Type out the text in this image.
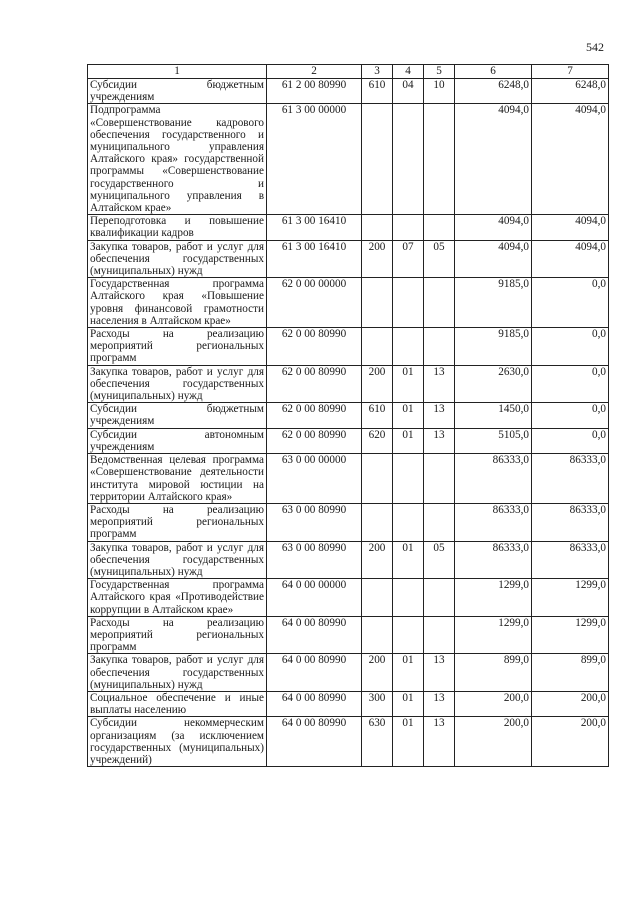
542
1	2	3	4	5	6	7
Субсидии бюджетным учреждениям	61 2 00 80990	610	04	10	6248,0	6248,0
Подпрограмма «Совершенствование кадрового обеспечения государственного и муниципального управления Алтайского края» государственной программы «Совершенствование государственного и муниципального управления в Алтайском крае»	61 3 00 00000				4094,0	4094,0
Переподготовка и повышение квалификации кадров	61 3 00 16410				4094,0	4094,0
Закупка товаров, работ и услуг для обеспечения государственных (муниципальных) нужд	61 3 00 16410	200	07	05	4094,0	4094,0
Государственная программа Алтайского края «Повышение уровня финансовой грамотности населения в Алтайском крае»	62 0 00 00000				9185,0	0,0
Расходы на реализацию мероприятий региональных программ	62 0 00 80990				9185,0	0,0
Закупка товаров, работ и услуг для обеспечения государственных (муниципальных) нужд	62 0 00 80990	200	01	13	2630,0	0,0
Субсидии бюджетным учреждениям	62 0 00 80990	610	01	13	1450,0	0,0
Субсидии автономным учреждениям	62 0 00 80990	620	01	13	5105,0	0,0
Ведомственная целевая программа «Совершенствование деятельности института мировой юстиции на территории Алтайского края»	63 0 00 00000				86333,0	86333,0
Расходы на реализацию мероприятий региональных программ	63 0 00 80990				86333,0	86333,0
Закупка товаров, работ и услуг для обеспечения государственных (муниципальных) нужд	63 0 00 80990	200	01	05	86333,0	86333,0
Государственная программа Алтайского края «Противодействие коррупции в Алтайском крае»	64 0 00 00000				1299,0	1299,0
Расходы на реализацию мероприятий региональных программ	64 0 00 80990				1299,0	1299,0
Закупка товаров, работ и услуг для обеспечения государственных (муниципальных) нужд	64 0 00 80990	200	01	13	899,0	899,0
Социальное обеспечение и иные выплаты населению	64 0 00 80990	300	01	13	200,0	200,0
Субсидии некоммерческим организациям (за исключением государственных (муниципальных) учреждений)	64 0 00 80990	630	01	13	200,0	200,0
